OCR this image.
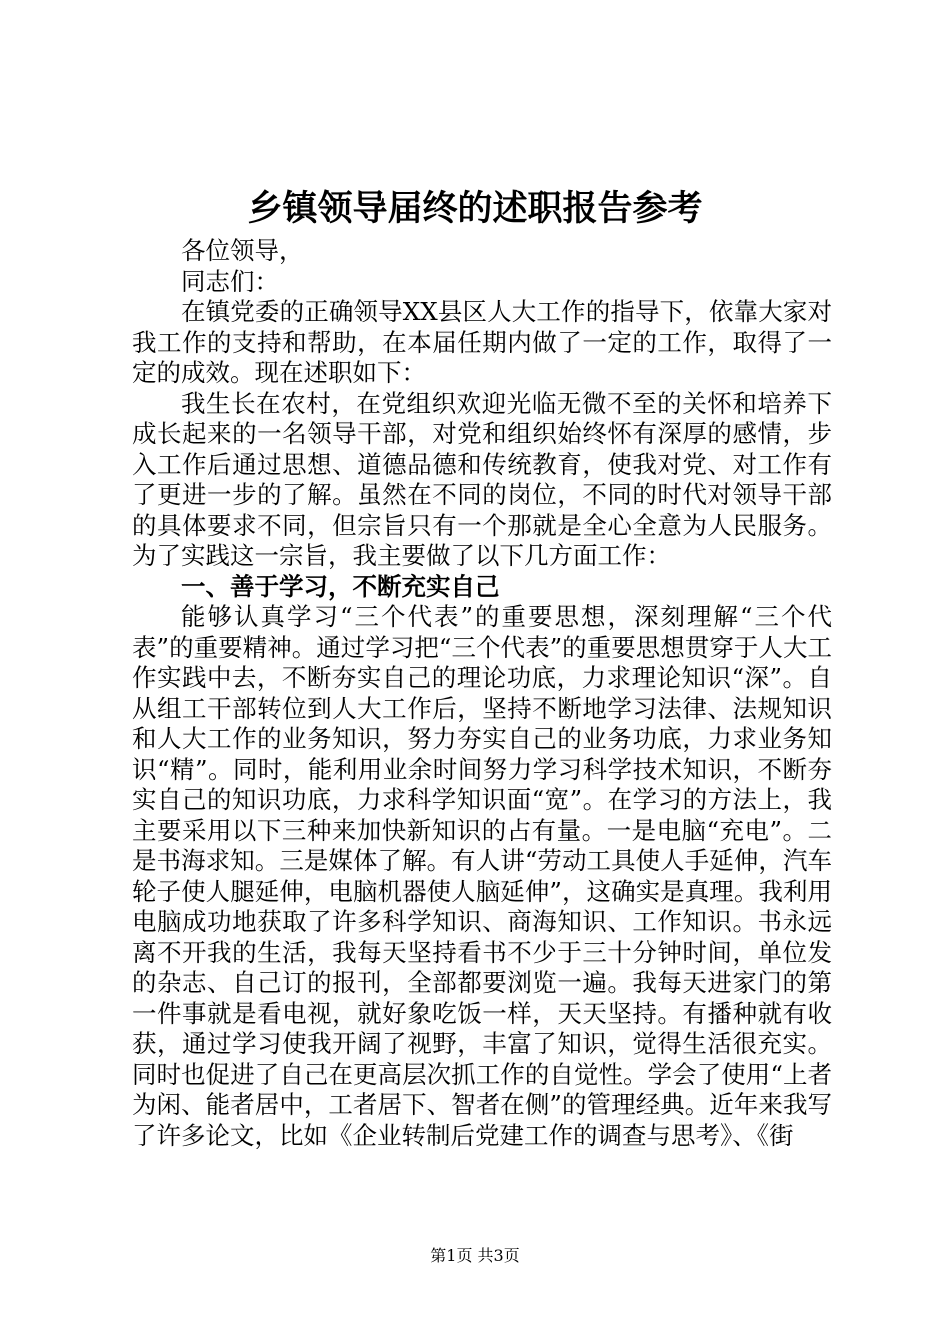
乡镇领导届终的述职报告参考

各位领导，

同志们：

在镇党委的正确领导XX县区人大工作的指导下，依靠大家对我工作的支持和帮助，在本届任期内做了一定的工作，取得了一定的成效。现在述职如下：

我生长在农村，在党组织欢迎光临无微不至的关怀和培养下成长起来的一名领导干部，对党和组织始终怀有深厚的感情，步入工作后通过思想、道德品德和传统教育，使我对党、对工作有了更进一步的了解。虽然在不同的岗位，不同的时代对领导干部的具体要求不同，但宗旨只有一个那就是全心全意为人民服务。为了实践这一宗旨，我主要做了以下几方面工作：

一、善于学习，不断充实自己

能够认真学习“三个代表”的重要思想，深刻理解“三个代表”的重要精神。通过学习把“三个代表”的重要思想贯穿于人大工作实践中去，不断夯实自己的理论功底，力求理论知识“深”。自从组工干部转位到人大工作后，坚持不断地学习法律、法规知识和人大工作的业务知识，努力夯实自己的业务功底，力求业务知识“精”。同时，能利用业余时间努力学习科学技术知识，不断夯实自己的知识功底，力求科学知识面“宽”。在学习的方法上，我主要采用以下三种来加快新知识的占有量。一是电脑“充电”。二是书海求知。三是媒体了解。有人讲“劳动工具使人手延伸，汽车轮子使人腿延伸，电脑机器使人脑延伸”，这确实是真理。我利用电脑成功地获取了许多科学知识、商海知识、工作知识。书永远离不开我的生活，我每天坚持看书不少于三十分钟时间，单位发的杂志、自己订的报刊，全部都要浏览一遍。我每天进家门的第一件事就是看电视，就好象吃饭一样，天天坚持。有播种就有收获，通过学习使我开阔了视野，丰富了知识，觉得生活很充实。同时也促进了自己在更高层次抓工作的自觉性。学会了使用“上者为闲、能者居中，工者居下、智者在侧”的管理经典。近年来我写了许多论文，比如《企业转制后党建工作的调查与思考》、《街

第1页 共3页
